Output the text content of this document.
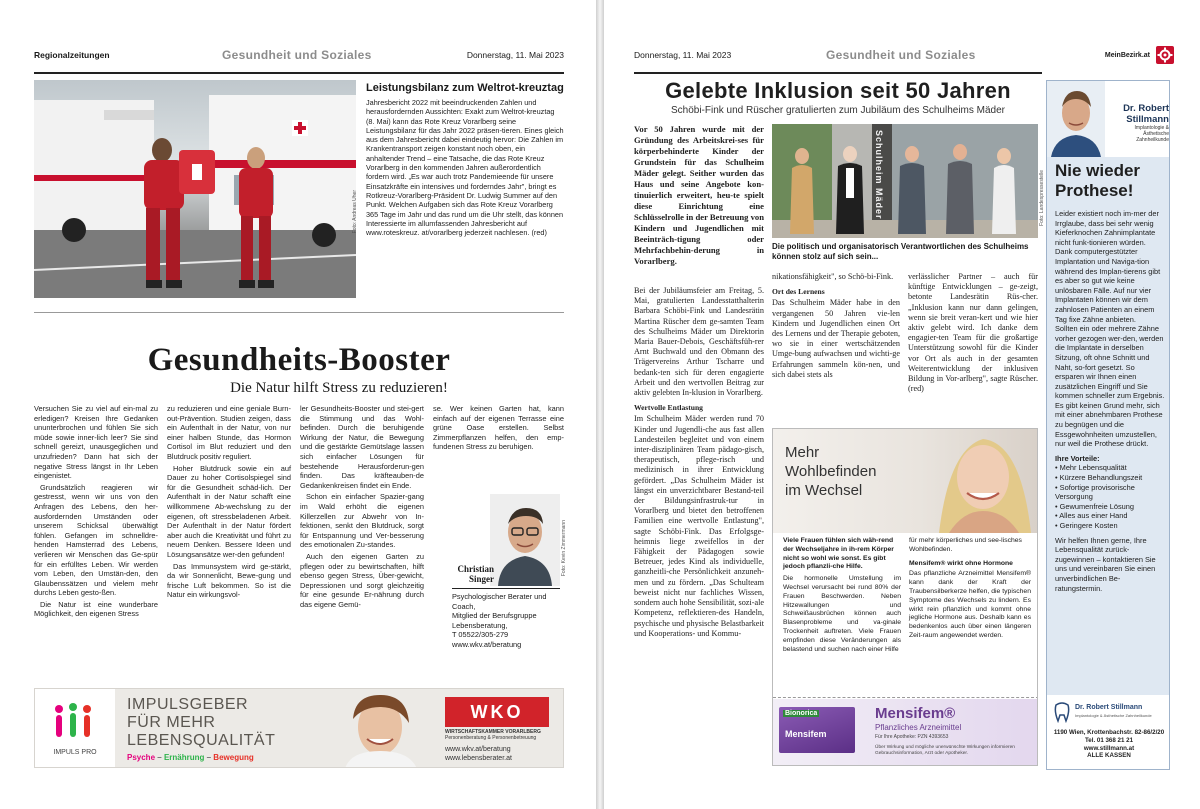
Regionalzeitungen	Gesundheit und Soziales	Donnerstag, 11. Mai 2023
Foto: Andreas Uher
Leistungsbilanz zum Weltrot-kreuztag
Jahresbericht 2022 mit beeindruckenden Zahlen und herausfordernden Aussichten: Exakt zum Weltrot-kreuztag (8. Mai) kann das Rote Kreuz Vorarlberg seine Leistungsbilanz für das Jahr 2022 präsen-tieren. Eines gleich aus dem Jahresbericht dabei eindeutig hervor: Die Zahlen im Krankentransport zeigen konstant noch oben, ein anhaltender Trend – eine Tatsache, die das Rote Kreuz Vorarlberg in den kommenden Jahren außerordentlich fordern wird. „Es war auch trotz Pandemieende für unsere Einsatzkräfte ein intensives und forderndes Jahr", bringt es Rotkreuz-Vorarlberg-Präsident Dr. Ludwig Summer auf den Punkt. Welchen Aufgaben sich das Rote Kreuz Vorarlberg 365 Tage im Jahr und das rund um die Uhr stellt, das können Interessierte im allumfassenden Jahresbericht auf www.roteskreuz. at/vorarlberg jederzeit nachlesen. (red)
Gesundheits-Booster
Die Natur hilft Stress zu reduzieren!

Versuchen Sie zu viel auf ein-mal zu erledigen? Kreisen Ihre Gedanken ununterbrochen und fühlen Sie sich müde sowie inner-lich leer? Sie sind schnell gereizt, unausgeglichen und unzufrieden? Dann hat sich der negative Stress längst in Ihr Leben eingenistet.

Grundsätzlich reagieren wir gestresst, wenn wir uns von den Anfragen des Lebens, den her-ausfordernden Umständen oder unserem Schicksal überwältigt fühlen. Gefangen im schnelldre-henden Hamsterrad des Lebens, verlieren wir Menschen das Ge-spür für ein erfülltes Leben. Wir werden vom Leben, den Umstän-den, den Glaubenssätzen und vielem mehr durchs Leben gesto-ßen.

Die Natur ist eine wunderbare Möglichkeit, den eigenen Stress

zu reduzieren und eine geniale Burn-out-Prävention. Studien zeigen, dass ein Aufenthalt in der Natur, von nur einer halben Stunde, das Hormon Cortisol im Blut reduziert und den Blutdruck positiv reguliert.

Hoher Blutdruck sowie ein auf Dauer zu hoher Cortisolspiegel sind für die Gesundheit schäd-lich. Der Aufenthalt in der Natur schafft eine willkommene Ab-wechslung zu der eigenen, oft stressbeladenen Arbeit. Der Aufenthalt in der Natur fördert aber auch die Kreativität und führt zu neuem Denken. Bessere Ideen und Lösungsansätze wer-den gefunden!

Das Immunsystem wird ge-stärkt, da wir Sonnenlicht, Bewe-gung und frische Luft bekommen. So ist die Natur ein wirkungsvol-

ler Gesundheits-Booster und stei-gert die Stimmung und das Wohl-befinden. Durch die beruhigende Wirkung der Natur, die Bewegung und die gestärkte Gemütslage lassen sich einfacher Lösungen für bestehende Herausforderun-gen finden. Das kräfteauben-de Gedankenkreisen findet ein Ende.

Schon ein einfacher Spazier-gang im Wald erhöht die eigenen Killerzellen zur Abwehr von In-fektionen, senkt den Blutdruck, sorgt für Entspannung und Ver-besserung des emotionalen Zu-standes.

Auch den eigenen Garten zu pflegen oder zu bewirtschaften, hilft ebenso gegen Stress, Über-gewicht, Depressionen und sorgt gleichzeitig für eine gesunde Er-nährung durch das eigene Gemü-

se. Wer keinen Garten hat, kann einfach auf der eigenen Terrasse eine grüne Oase erstellen. Selbst Zimmerpflanzen helfen, den emp-fundenen Stress zu beruhigen.

Foto: Kevin Zimmermann
Christian
Singer
Psychologischer Berater und
Coach,
Mitglied der Berufsgruppe
Lebensberatung,
T 05522/305-279
www.wkv.at/beratung
IMPULS PRO
IMPULSGEBER
FÜR MEHR
LEBENSQUALITÄT
Psyche – Ernährung – Bewegung
WKO
WIRTSCHAFTSKAMMER VORARLBERG
Personenberatung & Personenbetreuung
www.wkv.at/beratung
www.lebensberater.at
Donnerstag, 11. Mai 2023	Gesundheit und Soziales	MeinBezirk.at
Gelebte Inklusion seit 50 Jahren
Schöbi-Fink und Rüscher gratulierten zum Jubiläum des Schulheims Mäder
Vor 50 Jahren wurde mit der Gründung des Arbeitskrei-ses für körperbehinderte Kinder der Grundstein für das Schulheim Mäder gelegt. Seither wurden das Haus und seine Angebote kon-tinuierlich erweitert, heu-te spielt diese Einrichtung eine Schlüsselrolle in der Betreuung von Kindern und Jugendlichen mit Beeinträch-tigung oder Mehrfachbehin-derung in Vorarlberg.
Schulheim Mäder	Foto: Landespressestelle
Die politisch und organisatorisch Verantwortlichen des Schulheims können stolz auf sich sein...

Bei der Jubiläumsfeier am Freitag, 5. Mai, gratulierten Landesstatthalterin Barbara Schöbi-Fink und Landesrätin Martina Rüscher dem ge-samten Team des Schulheims Mäder um Direktorin Maria Bauer-Debois, Geschäftsfüh-rer Arnt Buchwald und den Obmann des Trägervereins Arthur Tscharre und bedank-ten sich für deren engagierte Arbeit und den wertvollen Beitrag zur aktiv gelebten In-klusion in Vorarlberg.

Wertvolle Entlastung

Im Schulheim Mäder werden rund 70 Kinder und Jugendli-che aus fast allen Landesteilen begleitet und von einem inter-disziplinären Team pädago-gisch, therapeutisch, pflege-risch und medizinisch in ihrer Entwicklung gefördert. „Das Schulheim Mäder ist längst ein unverzichtbarer Bestand-teil der Bildungsinfrastruk-tur in Vorarlberg und bietet den betroffenen Familien eine wertvolle Entlastung", sagte Schöbi-Fink. Das Erfolgsge-heimnis liege zweifellos in der Fähigkeit der Pädagogen sowie Betreuer, jedes Kind als individuelle, ganzheitli-che Persönlichkeit anzuneh-men und zu fördern. „Das Schulteam beweist nicht nur fachliches Wissen, sondern auch hohe Sensibilität, sozi-ale Kompetenz, reflektieren-des Handeln, psychische und physische Belastbarkeit und Kooperations- und Kommu-

nikationsfähigkeit", so Schö-bi-Fink.

Ort des Lernens

Das Schulheim Mäder habe in den vergangenen 50 Jahren vie-len Kindern und Jugendlichen einen Ort des Lernens und der Therapie geboten, wo sie in einer wertschätzenden Umge-bung aufwachsen und wichti-ge Erfahrungen sammeln kön-nen, und sich dabei stets als

verlässlicher Partner – auch für künftige Entwicklungen – ge-zeigt, betonte Landesrätin Rüs-cher. „Inklusion kann nur dann gelingen, wenn sie breit veran-kert und wie hier aktiv gelebt wird. Ich danke dem engagier-ten Team für die großartige Unterstützung sowohl für die Kinder vor Ort als auch in der gesamten Weiterentwicklung der inklusiven Bildung in Vor-arlberg", sagte Rüscher. (red)

Mehr
Wohlbefinden
im Wechsel
Viele Frauen fühlen sich wäh-rend der Wechseljahre in ih-rem Körper nicht so wohl wie sonst. Es gibt jedoch pflanzli-che Hilfe.
Die hormonelle Umstellung im Wechsel verursacht bei rund 80% der Frauen Beschwerden. Neben Hitzewallungen und Schweißausbrüchen können auch Blasenprobleme und va-ginale Trockenheit auftreten. Viele Frauen empfinden diese Veränderungen als belastend und suchen nach einer Hilfe
für mehr körperliches und see-lisches Wohlbefinden.
Mensifem® wirkt ohne Hormone
Das pflanzliche Arzneimittel Mensifem® kann dank der Kraft der Traubensilberkerze helfen, die typischen Symptome des Wechsels zu lindern. Es wirkt rein pflanzlich und kommt ohne jegliche Hormone aus. Deshalb kann es bedenkenlos auch über einen längeren Zeit-raum angewendet werden.
Bionorica
Mensifem
Mensifem®
Pflanzliches Arzneimittel
Für Ihre Apotheke: PZN 4393653
Über Wirkung und mögliche unerwünschte Wirkungen informieren Gebrauchsinformation, Arzt oder Apotheker.
Dr. Robert
Stillmann
Implantologie &
Ästhetische
Zahnheilkunde
Nie wieder
Prothese!
Leider existiert noch im-mer der Irrglaube, dass bei sehr wenig Kieferknochen Zahnimplantate nicht funk-tionieren würden.
Dank computergestützter Implantation und Naviga-tion während des Implan-tierens gibt es aber so gut wie keine unlösbaren Fälle. Auf nur vier Implantaten können wir dem zahnlosen Patienten an einem Tag fixe Zähne anbieten.
Sollten ein oder mehrere Zähne vorher gezogen wer-den, werden die Implantate in derselben Sitzung, oft ohne Schnitt und Naht, so-fort gesetzt. So ersparen wir Ihnen einen zusätzlichen Eingriff und Sie kommen schneller zum Ergebnis. Es gibt keinen Grund mehr, sich mit einer abnehmbaren Prothese zu begnügen und die Essgewohnheiten umzustellen, nur weil die Prothese drückt.
Ihre Vorteile:
• Mehr Lebensqualität
• Kürzere Behandlungszeit
• Sofortige provisorische Versorgung
• Gewumenfreie Lösung
• Alles aus einer Hand
• Geringere Kosten
Wir helfen Ihnen gerne, Ihre Lebensqualität zurück-zugewinnen – kontaktieren Sie uns und vereinbaren Sie einen unverbindlichen Be-ratungstermin.
Dr. Robert Stillmann
Implantologie & Ästhetische Zahnheilkunde
1190 Wien, Krottenbachstr. 82-86/2/20
Tel. 01 368 21 21
www.stillmann.at
ALLE KASSEN
